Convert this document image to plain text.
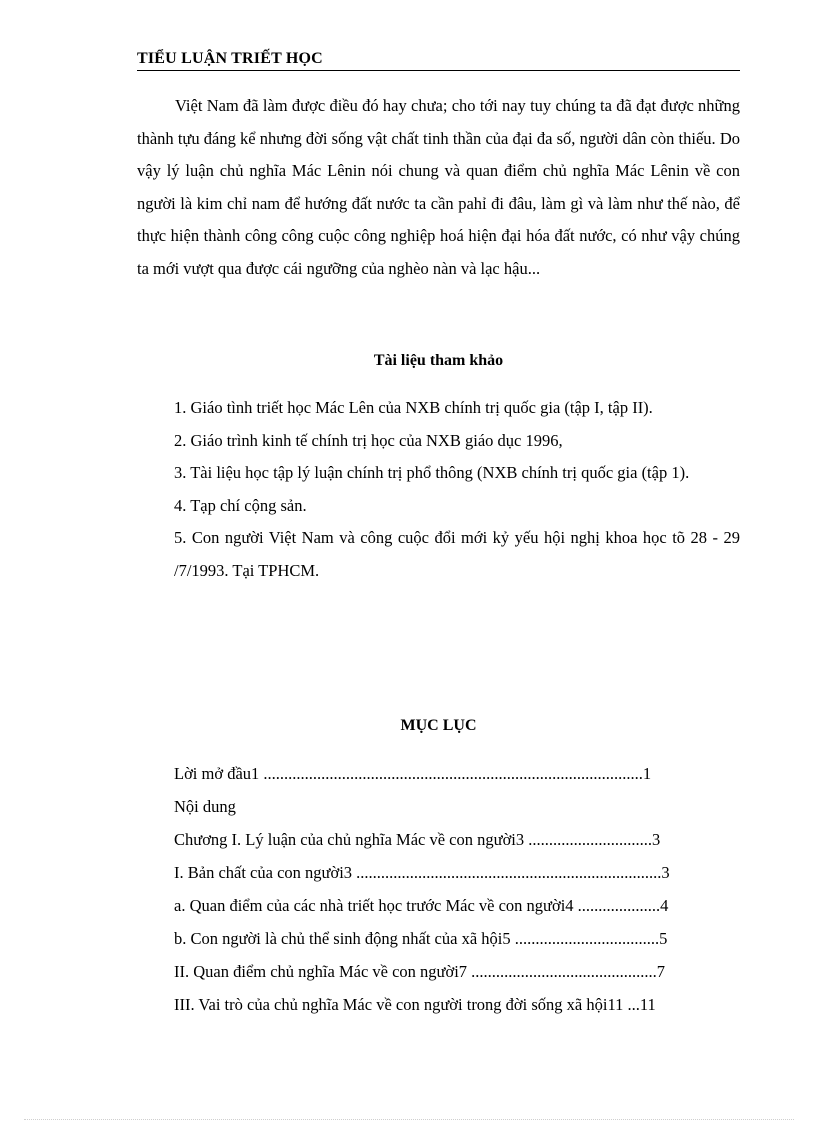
TIỂU LUẬN TRIẾT HỌC

Việt Nam đã làm được điều đó hay chưa; cho tới nay tuy chúng ta đã đạt được những thành tựu đáng kể nhưng đời sống vật chất tinh thần của đại đa số, người dân còn thiếu. Do vậy lý luận chủ nghĩa Mác Lênin nói chung và quan điểm chủ nghĩa Mác Lênin về con người là kim chỉ nam để hướng đất nước ta cần pahỉ đi đâu, làm gì và làm như thế nào, để thực hiện thành công công cuộc công nghiệp hoá hiện đại hóa đất nước, có như vậy chúng ta mới vượt qua được cái ngưỡng của nghèo nàn và lạc hậu...

Tài liệu tham khảo
1. Giáo tình triết học Mác Lên của NXB chính trị quốc gia (tập I, tập II).
2. Giáo trình kinh tế chính trị học của NXB giáo dục 1996,
3. Tài liệu học tập lý luận chính trị phổ thông (NXB chính trị quốc gia (tập 1).
4. Tạp chí cộng sản.
5. Con người Việt Nam và công cuộc đổi mới kỷ yếu hội nghị khoa học tõ 28 - 29 /7/1993. Tại TPHCM.
MỤC LỤC
Lời mở đầu1 ............................................................................................1
Nội dung
Chương I. Lý luận của chủ nghĩa Mác về con người3 ..............................3
I. Bản chất của con người3 ..........................................................................3
a. Quan điểm của các nhà triết học trước Mác về con người4 ....................4
b. Con người là chủ thể sinh động nhất của xã hội5 ...................................5
II. Quan điểm chủ nghĩa Mác về con người7 .............................................7
III. Vai trò của chủ nghĩa Mác về con người trong đời sống xã hội11 ...11
